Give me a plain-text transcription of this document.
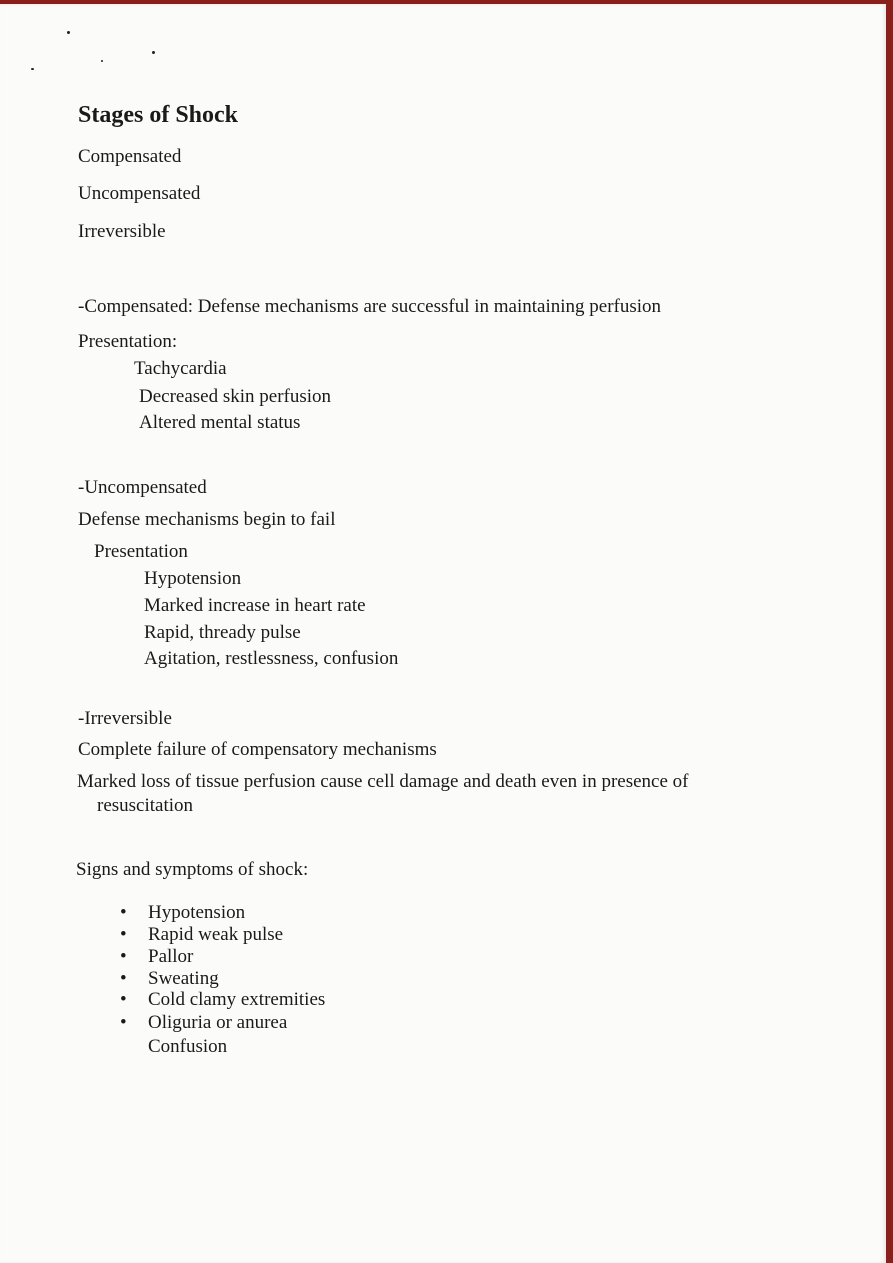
Stages of Shock

Compensated

Uncompensated

Irreversible

-Compensated: Defense mechanisms are successful in maintaining perfusion

Presentation:

Tachycardia

Decreased skin perfusion

Altered mental status

-Uncompensated

Defense mechanisms begin to fail

Presentation

Hypotension

Marked increase in heart rate

Rapid, thready pulse

Agitation, restlessness, confusion

-Irreversible

Complete failure of compensatory mechanisms

Marked loss of tissue perfusion cause cell damage and death even in presence of

resuscitation

Signs and symptoms of shock:

• Hypotension

• Rapid weak pulse

• Pallor

• Sweating

• Cold clamy extremities

• Oliguria or anurea

Confusion
